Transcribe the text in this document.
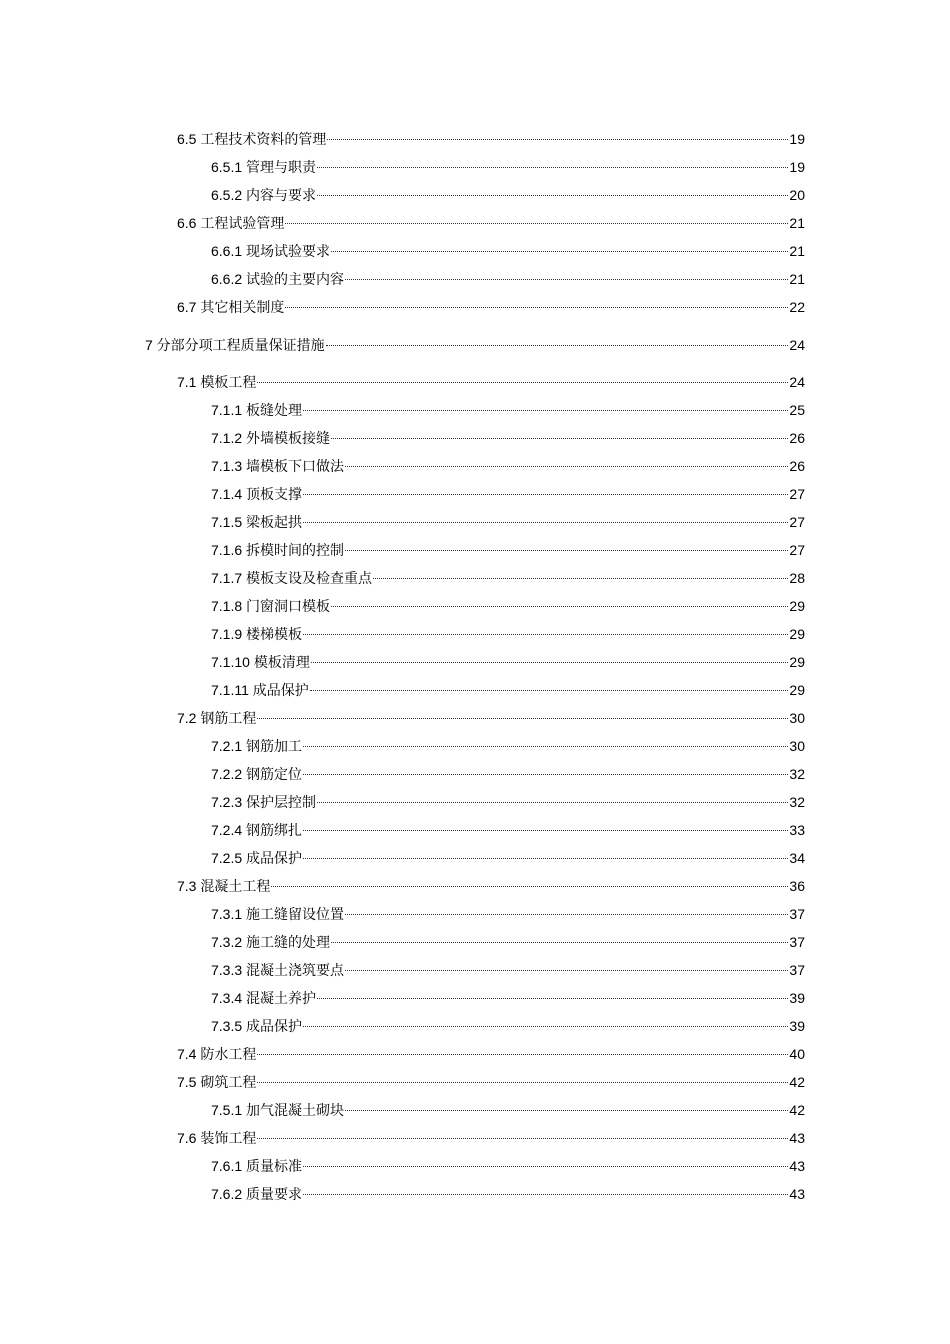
6.5 工程技术资料的管理	19
6.5.1 管理与职责	19
6.5.2 内容与要求	20
6.6 工程试验管理	21
6.6.1 现场试验要求	21
6.6.2 试验的主要内容	21
6.7 其它相关制度	22
7 分部分项工程质量保证措施	24
7.1 模板工程	24
7.1.1 板缝处理	25
7.1.2 外墙模板接缝	26
7.1.3 墙模板下口做法	26
7.1.4 顶板支撑	27
7.1.5 梁板起拱	27
7.1.6 拆模时间的控制	27
7.1.7 模板支设及检查重点	28
7.1.8 门窗洞口模板	29
7.1.9 楼梯模板	29
7.1.10 模板清理	29
7.1.11 成品保护	29
7.2 钢筋工程	30
7.2.1 钢筋加工	30
7.2.2 钢筋定位	32
7.2.3 保护层控制	32
7.2.4 钢筋绑扎	33
7.2.5 成品保护	34
7.3 混凝土工程	36
7.3.1 施工缝留设位置	37
7.3.2 施工缝的处理	37
7.3.3 混凝土浇筑要点	37
7.3.4 混凝土养护	39
7.3.5 成品保护	39
7.4 防水工程	40
7.5 砌筑工程	42
7.5.1 加气混凝土砌块	42
7.6 装饰工程	43
7.6.1 质量标准	43
7.6.2 质量要求	43
